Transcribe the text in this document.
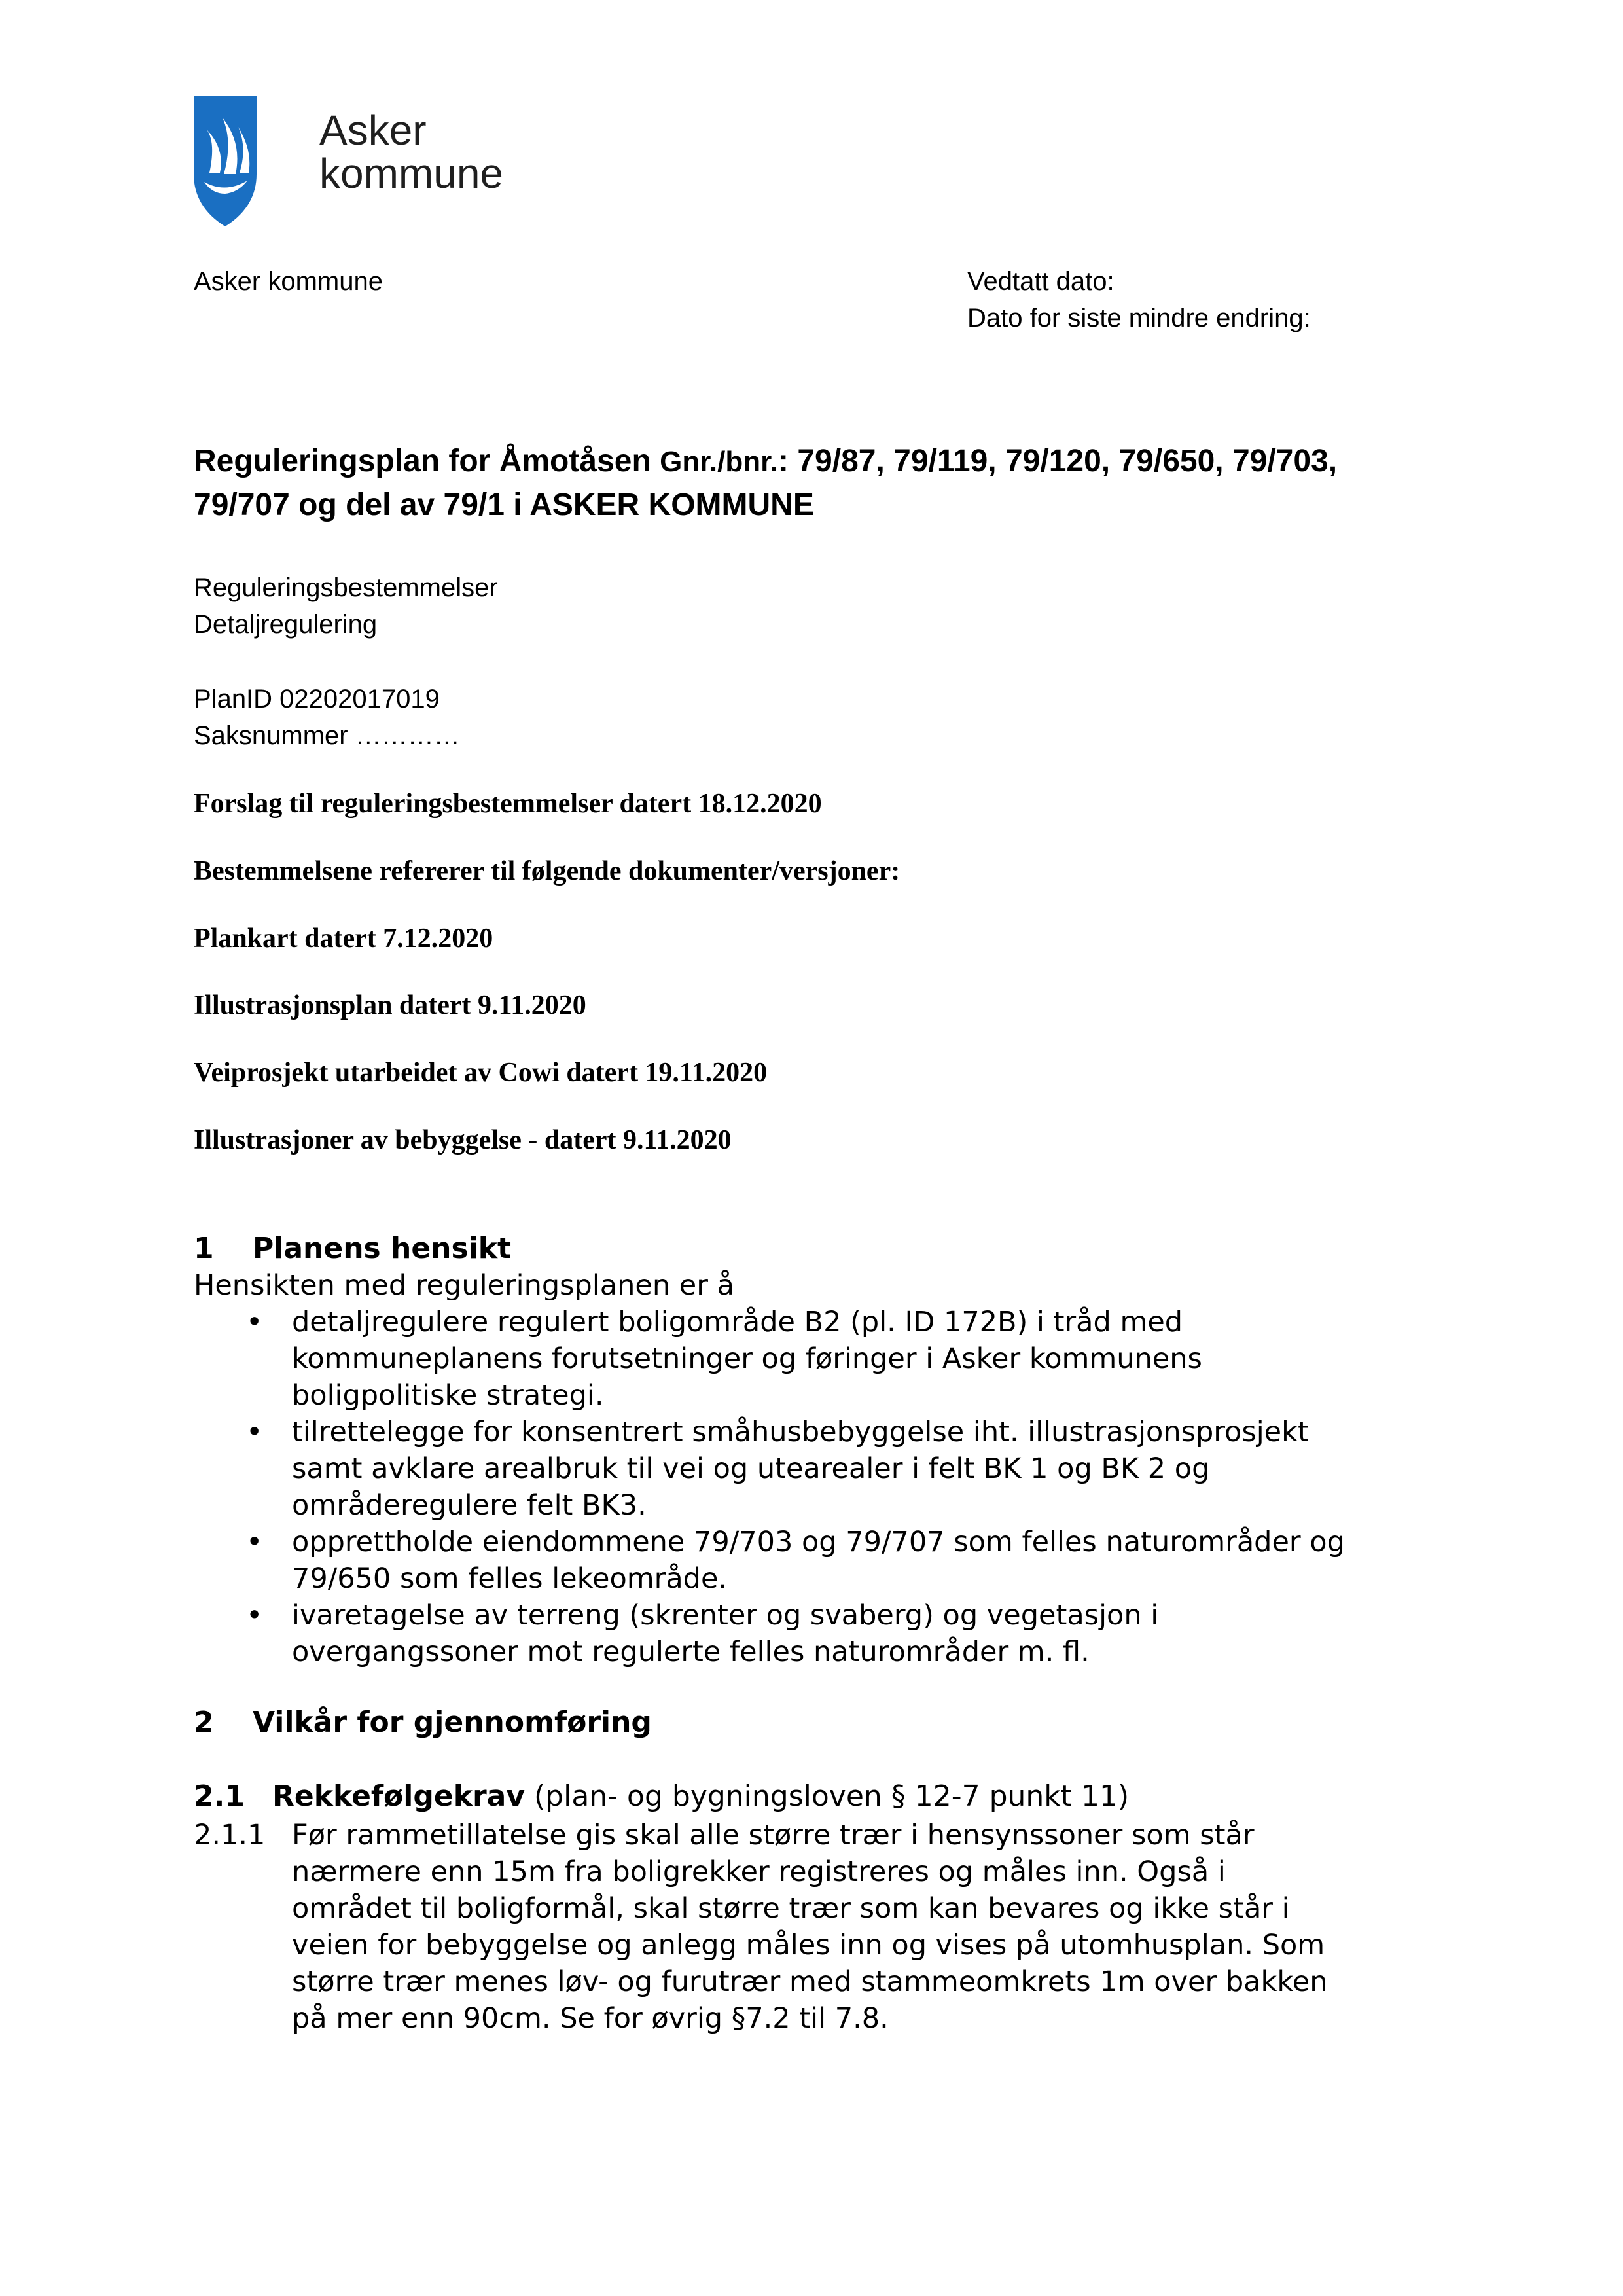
Asker
kommune
Asker kommune	Vedtatt dato:
Dato for siste mindre endring:
Reguleringsplan for Åmotåsen Gnr./bnr.: 79/87, 79/119, 79/120, 79/650, 79/703,
79/707 og del av 79/1 i ASKER KOMMUNE
Reguleringsbestemmelser
Detaljregulering
PlanID 02202017019
Saksnummer …………
Forslag til reguleringsbestemmelser datert 18.12.2020
Bestemmelsene refererer til følgende dokumenter/versjoner:
Plankart datert 7.12.2020
Illustrasjonsplan datert 9.11.2020
Veiprosjekt utarbeidet av Cowi datert 19.11.2020
Illustrasjoner av bebyggelse - datert 9.11.2020
1 Planens hensikt
Hensikten med reguleringsplanen er å
• detaljregulere regulert boligområde B2 (pl. ID 172B) i tråd med
kommuneplanens forutsetninger og føringer i Asker kommunens
boligpolitiske strategi.
• tilrettelegge for konsentrert småhusbebyggelse iht. illustrasjonsprosjekt
samt avklare arealbruk til vei og utearealer i felt BK 1 og BK 2 og
områderegulere felt BK3.
• opprettholde eiendommene 79/703 og 79/707 som felles naturområder og
79/650 som felles lekeområde.
• ivaretagelse av terreng (skrenter og svaberg) og vegetasjon i
overgangssoner mot regulerte felles naturområder m. fl.
2 Vilkår for gjennomføring
2.1 Rekkefølgekrav (plan- og bygningsloven § 12-7 punkt 11)
2.1.1 Før rammetillatelse gis skal alle større trær i hensynssoner som står
nærmere enn 15m fra boligrekker registreres og måles inn. Også i
området til boligformål, skal større trær som kan bevares og ikke står i
veien for bebyggelse og anlegg måles inn og vises på utomhusplan. Som
større trær menes løv- og furutrær med stammeomkrets 1m over bakken
på mer enn 90cm. Se for øvrig §7.2 til 7.8.
